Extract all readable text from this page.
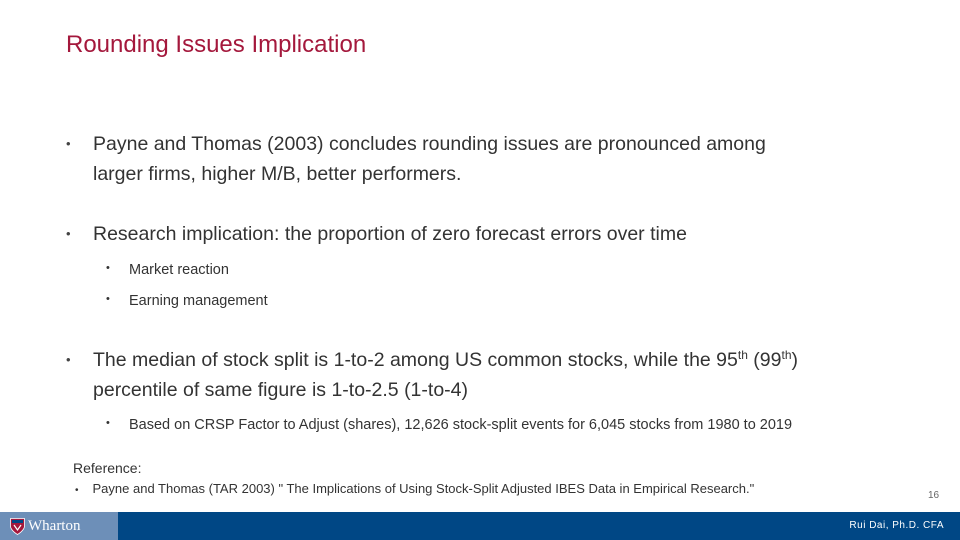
Rounding Issues Implication
• Payne and Thomas (2003) concludes rounding issues are pronounced among
larger firms, higher M/B, better performers.
• Research implication: the proportion of zero forecast errors over time
• Market reaction
• Earning management
• The median of stock split is 1-to-2 among US common stocks, while the 95th (99th)
percentile of same figure is 1-to-2.5 (1-to-4)
• Based on CRSP Factor to Adjust (shares), 12,626 stock-split events for 6,045 stocks from 1980 to 2019
Reference:
• Payne and Thomas (TAR 2003) " The Implications of Using Stock-Split Adjusted IBES Data in Empirical Research."	16
Wharton	Rui Dai, Ph.D. CFA
